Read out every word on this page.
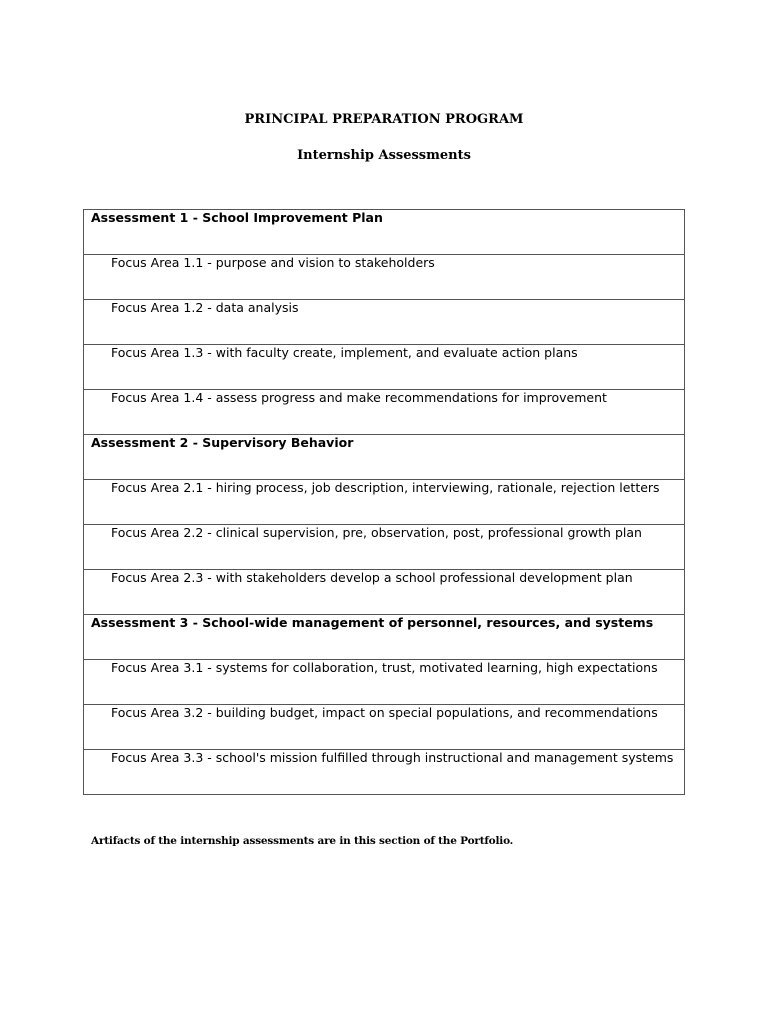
PRINCIPAL PREPARATION PROGRAM
Internship Assessments
Assessment 1 - School Improvement Plan

Focus Area 1.1 - purpose and vision to stakeholders

Focus Area 1.2 - data analysis

Focus Area 1.3 - with faculty create, implement, and evaluate action plans

Focus Area 1.4 - assess progress and make recommendations for improvement

Assessment 2 - Supervisory Behavior

Focus Area 2.1 - hiring process, job description, interviewing, rationale, rejection letters

Focus Area 2.2 - clinical supervision, pre, observation, post, professional growth plan

Focus Area 2.3 - with stakeholders develop a school professional development plan

Assessment 3 - School-wide management of personnel, resources, and systems

Focus Area 3.1 - systems for collaboration, trust, motivated learning, high expectations

Focus Area 3.2 - building budget, impact on special populations, and recommendations

Focus Area 3.3 - school's mission fulfilled through instructional and management systems
Artifacts of the internship assessments are in this section of the Portfolio.
